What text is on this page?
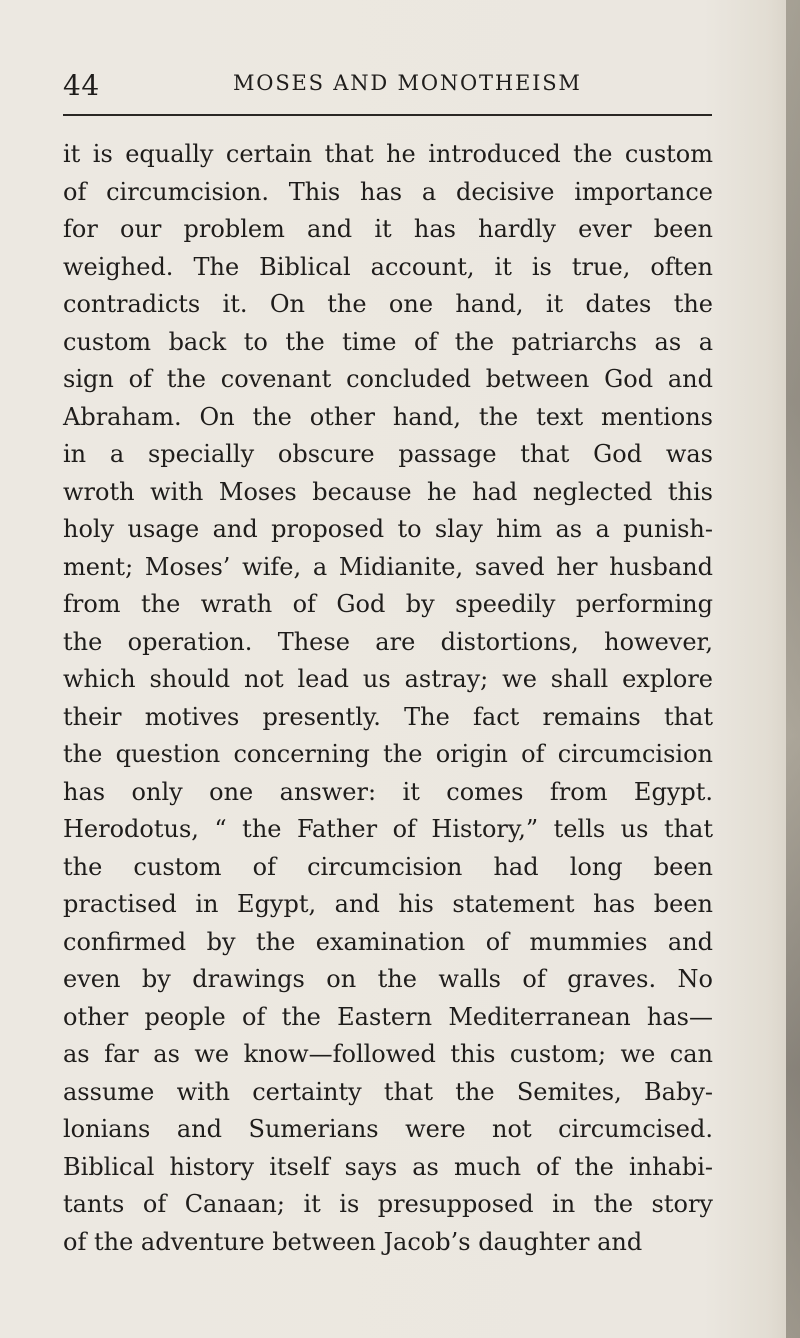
44	MOSES AND MONOTHEISM
it is equally certain that he introduced the custom
of circumcision. This has a decisive importance
for our problem and it has hardly ever been
weighed. The Biblical account, it is true, often
contradicts it. On the one hand, it dates the
custom back to the time of the patriarchs as a
sign of the covenant concluded between God and
Abraham. On the other hand, the text mentions
in a specially obscure passage that God was
wroth with Moses because he had neglected this
holy usage and proposed to slay him as a punish-
ment; Moses’ wife, a Midianite, saved her husband
from the wrath of God by speedily performing
the operation. These are distortions, however,
which should not lead us astray; we shall explore
their motives presently. The fact remains that
the question concerning the origin of circumcision
has only one answer: it comes from Egypt.
Herodotus, “ the Father of History,” tells us that
the custom of circumcision had long been
practised in Egypt, and his statement has been
confirmed by the examination of mummies and
even by drawings on the walls of graves. No
other people of the Eastern Mediterranean has—
as far as we know—followed this custom; we can
assume with certainty that the Semites, Baby-
lonians and Sumerians were not circumcised.
Biblical history itself says as much of the inhabi-
tants of Canaan; it is presupposed in the story
of the adventure between Jacob’s daughter and
